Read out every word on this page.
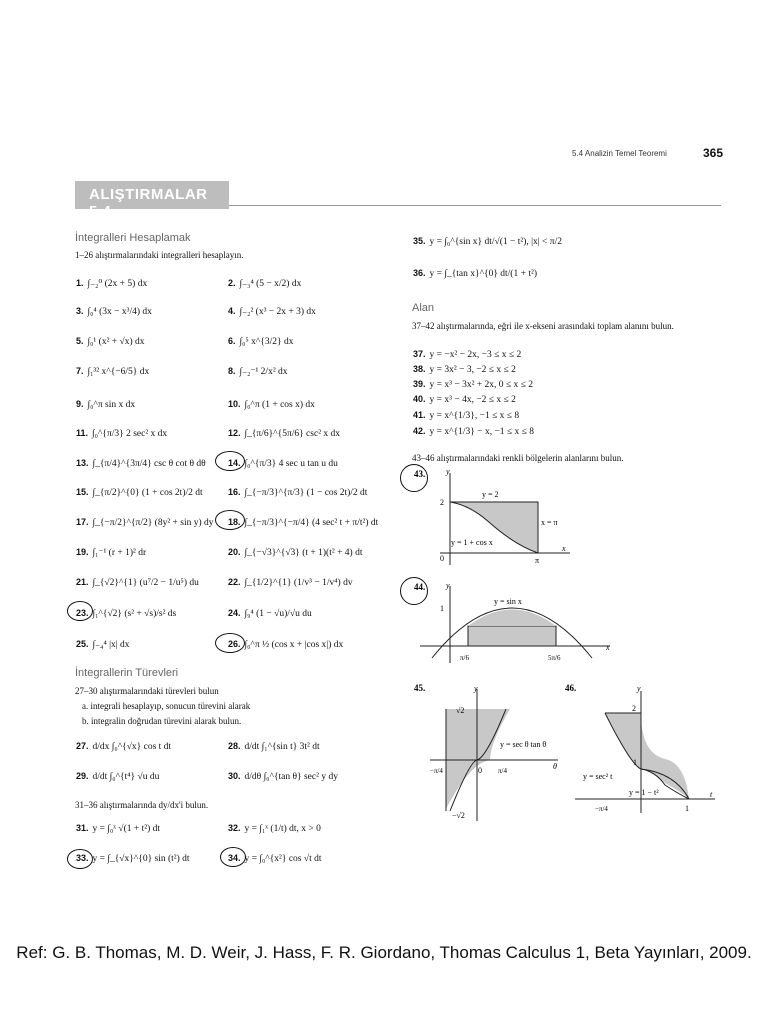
5.4 Analizin Temel Teoremi	365
ALIŞTIRMALAR 5.4
İntegralleri Hesaplamak
1–26 alıştırmalarındaki integralleri hesaplayın.
1. ∫₋₂⁰ (2x + 5) dx	2. ∫₋₃⁴ (5 − x/2) dx
3. ∫₀⁴ (3x − x³/4) dx	4. ∫₋₂² (x³ − 2x + 3) dx
5. ∫₀¹ (x² + √x) dx	6. ∫₀⁵ x^{3/2} dx
7. ∫₁³² x^{−6/5} dx	8. ∫₋₂⁻¹ 2/x² dx
9. ∫₀^π sin x dx	10. ∫₀^π (1 + cos x) dx
11. ∫₀^{π/3} 2 sec² x dx	12. ∫_{π/6}^{5π/6} csc² x dx
13. ∫_{π/4}^{3π/4} csc θ cot θ dθ 14. ∫₀^{π/3} 4 sec u tan u du
15. ∫_{π/2}^{0} (1 + cos 2t)/2 dt	16. ∫_{−π/3}^{π/3} (1 − cos 2t)/2 dt
17. ∫_{−π/2}^{π/2} (8y² + sin y) dy 18. ∫_{−π/3}^{−π/4} (4 sec² t + π/t²) dt
19. ∫₁⁻¹ (r + 1)² dr	20. ∫_{−√3}^{√3} (t + 1)(t² + 4) dt
21. ∫_{√2}^{1} (u⁷/2 − 1/u⁵) du	22. ∫_{1/2}^{1} (1/v³ − 1/v⁴) dv
23. ∫₁^{√2} (s² + √s)/s² ds	24. ∫₉⁴ (1 − √u)/√u du
25. ∫₋₄⁴ |x| dx	26. ∫₀^π ½ (cos x + |cos x|) dx
İntegrallerin Türevleri
27–30 alıştırmalarındaki türevleri bulun
a. integrali hesaplayıp, sonucun türevini alarak
b. integralin doğrudan türevini alarak bulun.
27. d/dx ∫₀^{√x} cos t dt	28. d/dt ∫₁^{sin t} 3t² dt
29. d/dt ∫₀^{t⁴} √u du	30. d/dθ ∫₀^{tan θ} sec² y dy
31–36 alıştırmalarında dy/dx'i bulun.
31. y = ∫₀ˣ √(1 + t²) dt	32. y = ∫₁ˣ (1/t) dt, x > 0
33. y = ∫_{√x}^{0} sin (t²) dt	34. y = ∫₀^{x²} cos √t dt
35. y = ∫₀^{sin x} dt/√(1 − t²), |x| < π/2
36. y = ∫_{tan x}^{0} dt/(1 + t²)
Alan
37–42 alıştırmalarında, eğri ile x-ekseni arasındaki toplam alanını bulun.
37. y = −x² − 2x, −3 ≤ x ≤ 2
38. y = 3x² − 3, −2 ≤ x ≤ 2
39. y = x³ − 3x² + 2x, 0 ≤ x ≤ 2
40. y = x³ − 4x, −2 ≤ x ≤ 2
41. y = x^{1/3}, −1 ≤ x ≤ 8
42. y = x^{1/3} − x, −1 ≤ x ≤ 8
43–46 alıştırmalarındaki renkli bölgelerin alanlarını bulun.
43.	y
x
2
0	π
y = 2
x = π
y = 1 + cos x
44.	y
x
1
y = sin x
π/6	5π/6
45.	y
θ
√2
−√2
0
−π/4	π/4
y = sec θ tan θ
46.	y
t
2
1
1
−π/4
y = sec² t
y = 1 − t²
Ref: G. B. Thomas, M. D. Weir, J. Hass, F. R. Giordano, Thomas Calculus 1, Beta Yayınları, 2009.
